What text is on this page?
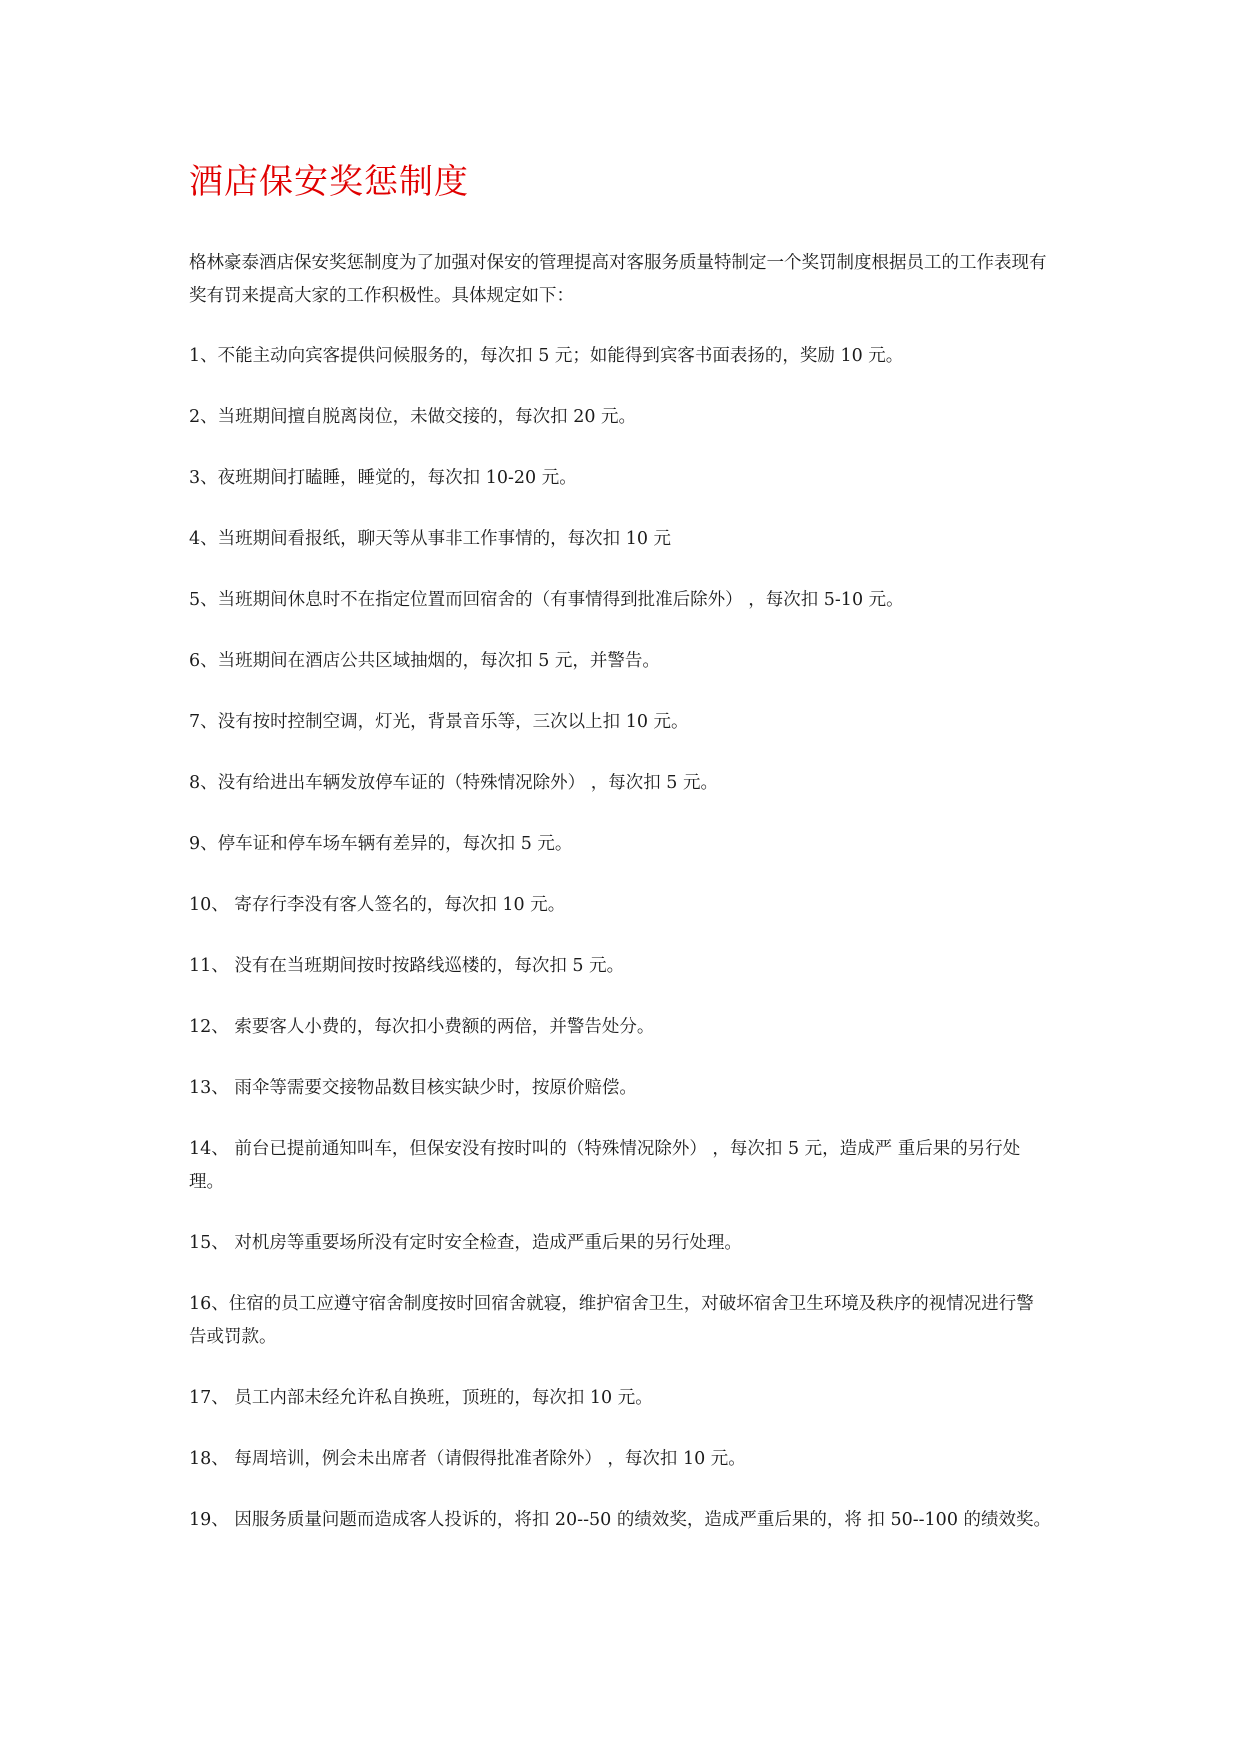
酒店保安奖惩制度

格林豪泰酒店保安奖惩制度为了加强对保安的管理提高对客服务质量特制定一个奖罚制度根据员工的工作表现有奖有罚来提高大家的工作积极性。具体规定如下：

1、不能主动向宾客提供问候服务的，每次扣 5 元；如能得到宾客书面表扬的，奖励 10 元。

2、当班期间擅自脱离岗位，未做交接的，每次扣 20 元。

3、夜班期间打瞌睡，睡觉的，每次扣 10-20 元。

4、当班期间看报纸，聊天等从事非工作事情的，每次扣 10 元

5、当班期间休息时不在指定位置而回宿舍的（有事情得到批准后除外） ，每次扣 5-10 元。

6、当班期间在酒店公共区域抽烟的，每次扣 5 元，并警告。

7、没有按时控制空调，灯光，背景音乐等，三次以上扣 10 元。

8、没有给进出车辆发放停车证的（特殊情况除外） ，每次扣 5 元。

9、停车证和停车场车辆有差异的，每次扣 5 元。

10、 寄存行李没有客人签名的，每次扣 10 元。

11、 没有在当班期间按时按路线巡楼的，每次扣 5 元。

12、 索要客人小费的，每次扣小费额的两倍，并警告处分。

13、 雨伞等需要交接物品数目核实缺少时，按原价赔偿。

14、 前台已提前通知叫车，但保安没有按时叫的（特殊情况除外） ，每次扣 5 元，造成严 重后果的另行处理。

15、 对机房等重要场所没有定时安全检查，造成严重后果的另行处理。

16、住宿的员工应遵守宿舍制度按时回宿舍就寝，维护宿舍卫生，对破坏宿舍卫生环境及秩序的视情况进行警告或罚款。

17、 员工内部未经允许私自换班，顶班的，每次扣 10 元。

18、 每周培训，例会未出席者（请假得批准者除外） ，每次扣 10 元。

19、 因服务质量问题而造成客人投诉的，将扣 20--50 的绩效奖，造成严重后果的，将 扣 50--100 的绩效奖。
